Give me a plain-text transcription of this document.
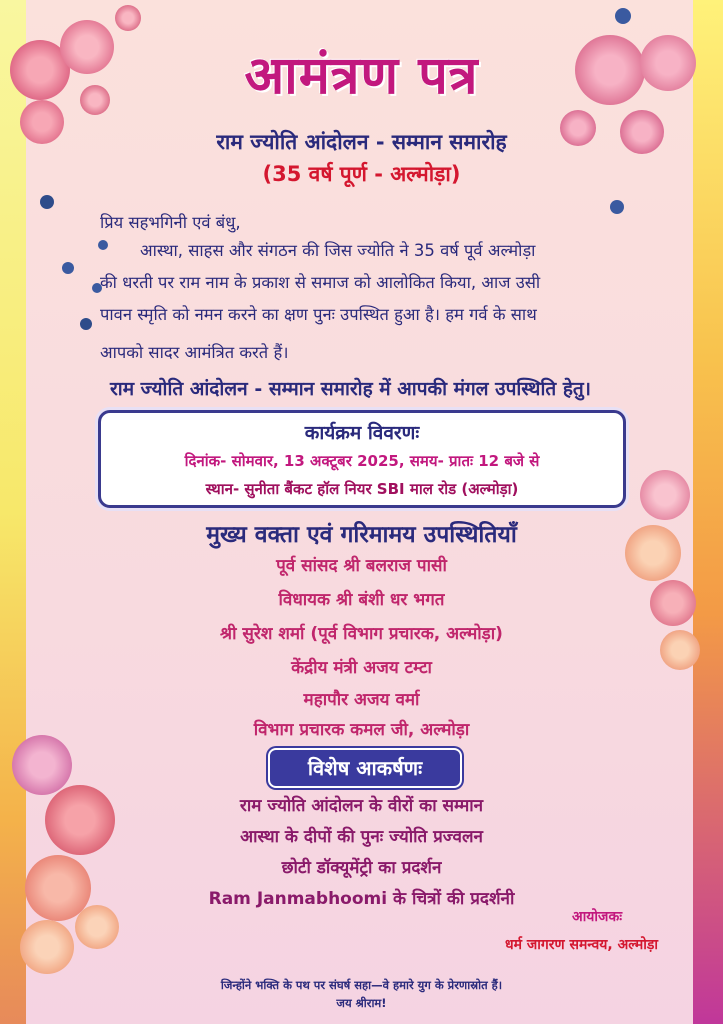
आमंत्रण पत्र
राम ज्योति आंदोलन - सम्मान समारोह
(35 वर्ष पूर्ण - अल्मोड़ा)
प्रिय सहभगिनी एवं बंधु,
आस्था, साहस और संगठन की जिस ज्योति ने 35 वर्ष पूर्व अल्मोड़ा
की धरती पर राम नाम के प्रकाश से समाज को आलोकित किया, आज उसी
पावन स्मृति को नमन करने का क्षण पुनः उपस्थित हुआ है। हम गर्व के साथ
आपको सादर आमंत्रित करते हैं।
राम ज्योति आंदोलन - सम्मान समारोह में आपकी मंगल उपस्थिति हेतु।
कार्यक्रम विवरणः
दिनांक- सोमवार, 13 अक्टूबर 2025, समय- प्रातः 12 बजे से
स्थान- सुनीता बैंकट हॉल नियर SBI माल रोड (अल्मोड़ा)
मुख्य वक्ता एवं गरिमामय उपस्थितियाँ
पूर्व सांसद श्री बलराज पासी
विधायक श्री बंशी धर भगत
श्री सुरेश शर्मा (पूर्व विभाग प्रचारक, अल्मोड़ा)
केंद्रीय मंत्री अजय टम्टा
महापौर अजय वर्मा
विभाग प्रचारक कमल जी, अल्मोड़ा
विशेष आकर्षणः
राम ज्योति आंदोलन के वीरों का सम्मान
आस्था के दीपों की पुनः ज्योति प्रज्वलन
छोटी डॉक्यूमेंट्री का प्रदर्शन
Ram Janmabhoomi के चित्रों की प्रदर्शनी
आयोजकः
धर्म जागरण समन्वय, अल्मोड़ा
जिन्होंने भक्ति के पथ पर संघर्ष सहा—वे हमारे युग के प्रेरणास्रोत हैं।
जय श्रीराम!
